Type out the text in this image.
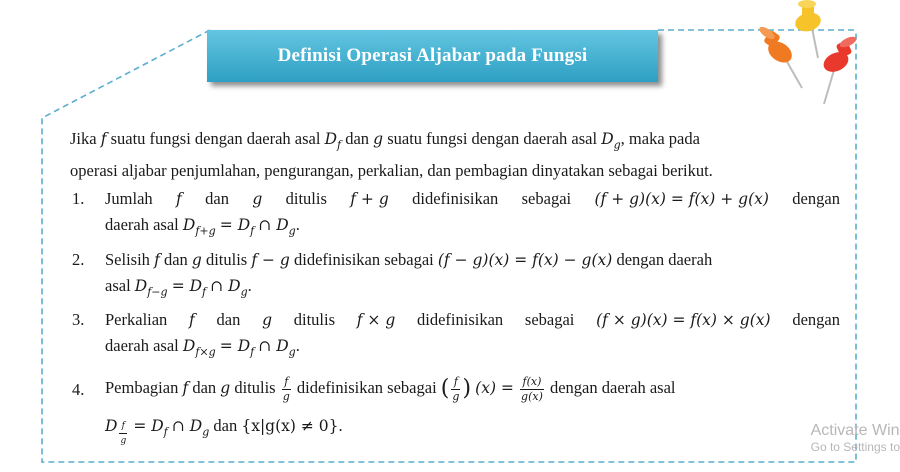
Definisi Operasi Aljabar pada Fungsi

Jika f suatu fungsi dengan daerah asal $D_f$ dan g suatu fungsi dengan daerah asal $D_g$, maka pada
operasi aljabar penjumlahan, pengurangan, perkalian, dan pembagian dinyatakan sebagai berikut.

1. Jumlah f dan g ditulis f + g didefinisikan sebagai (f + g)(x) = f(x) + g(x) dengan
daerah asal $D_{f+g} = D_f$ ∩ $D_g$.
2. Selisih f dan g ditulis f − g didefinisikan sebagai (f − g)(x) = f(x) − g(x) dengan daerah
asal $D_{f-g} = D_f$ ∩ $D_g$.
3. Perkalian f dan g ditulis f × g didefinisikan sebagai (f × g)(x) = f(x) × g(x) dengan
daerah asal $D_{f\times g} = D_f$ ∩ $D_g$.
4. Pembagian f dan g ditulis $\frac{f}{g}$ didefinisikan sebagai ( $\frac{f}{g}$ ) $(x) = \frac{f(x)}{g(x)}$ dengan daerah asal
D $\frac{f}{g} = D_f$ ∩ $D_g$ dan {x|g(x) ≠ 0}.	Activate Win
Go to Settings to
